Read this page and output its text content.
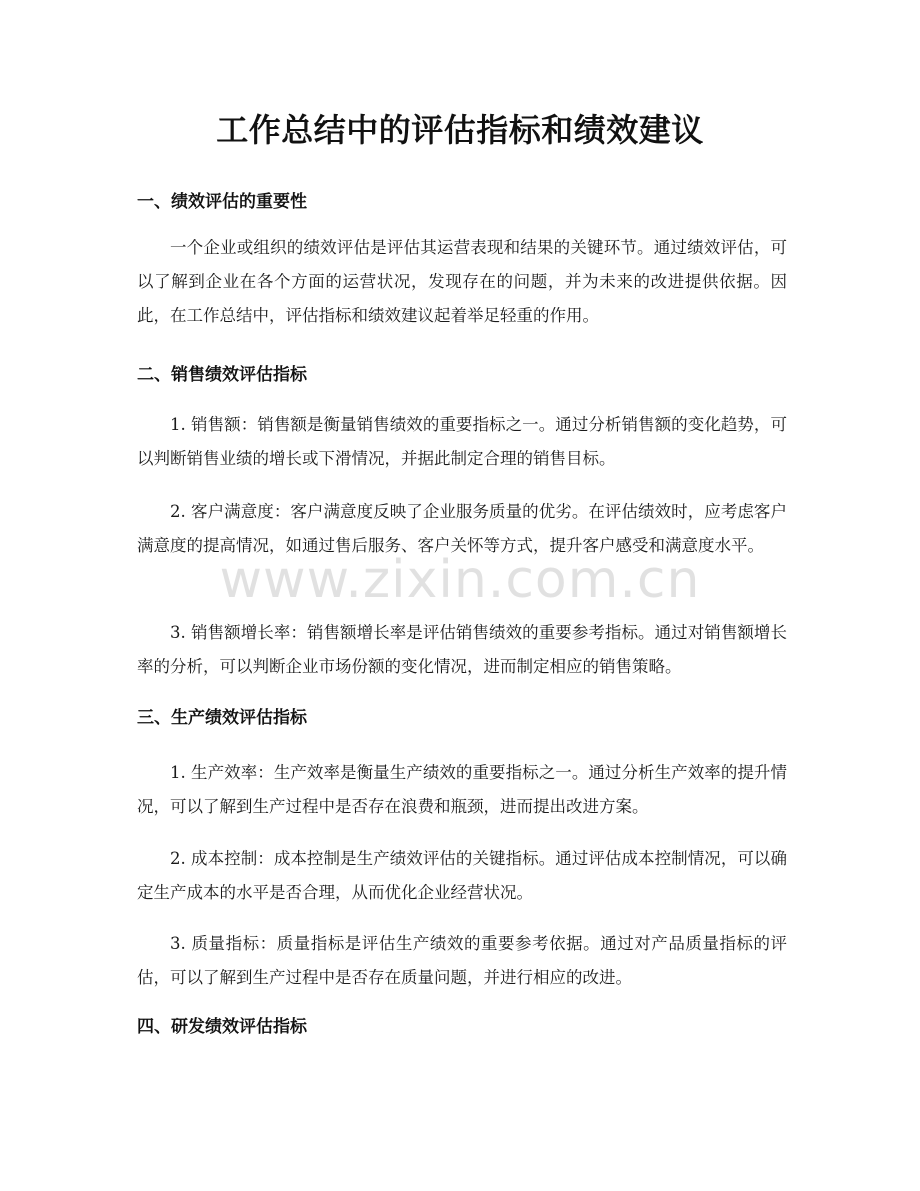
工作总结中的评估指标和绩效建议
一、绩效评估的重要性
一个企业或组织的绩效评估是评估其运营表现和结果的关键环节。通过绩效评估，可以了解到企业在各个方面的运营状况，发现存在的问题，并为未来的改进提供依据。因此，在工作总结中，评估指标和绩效建议起着举足轻重的作用。
二、销售绩效评估指标
1. 销售额：销售额是衡量销售绩效的重要指标之一。通过分析销售额的变化趋势，可以判断销售业绩的增长或下滑情况，并据此制定合理的销售目标。
2. 客户满意度：客户满意度反映了企业服务质量的优劣。在评估绩效时，应考虑客户满意度的提高情况，如通过售后服务、客户关怀等方式，提升客户感受和满意度水平。
3. 销售额增长率：销售额增长率是评估销售绩效的重要参考指标。通过对销售额增长率的分析，可以判断企业市场份额的变化情况，进而制定相应的销售策略。
三、生产绩效评估指标
1. 生产效率：生产效率是衡量生产绩效的重要指标之一。通过分析生产效率的提升情况，可以了解到生产过程中是否存在浪费和瓶颈，进而提出改进方案。
2. 成本控制：成本控制是生产绩效评估的关键指标。通过评估成本控制情况，可以确定生产成本的水平是否合理，从而优化企业经营状况。
3. 质量指标：质量指标是评估生产绩效的重要参考依据。通过对产品质量指标的评估，可以了解到生产过程中是否存在质量问题，并进行相应的改进。
四、研发绩效评估指标
www.zixin.com.cn
